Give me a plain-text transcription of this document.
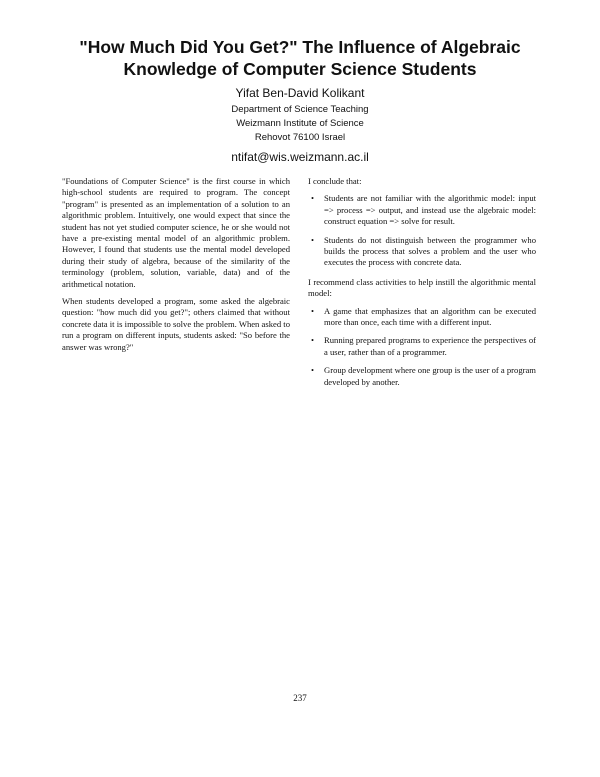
"How Much Did You Get?" The Influence of Algebraic Knowledge of Computer Science Students

Yifat Ben-David Kolikant

Department of Science Teaching

Weizmann Institute of Science

Rehovot 76100 Israel

ntifat@wis.weizmann.ac.il

"Foundations of Computer Science" is the first course in which high-school students are required to program. The concept "program" is presented as an implementation of a solution to an algorithmic problem. Intuitively, one would expect that since the student has not yet studied computer science, he or she would not have a pre-existing mental model of an algorithmic problem. However, I found that students use the mental model developed during their study of algebra, because of the similarity of the terminology (problem, solution, variable, data) and of the arithmetical notation.

When students developed a program, some asked the algebraic question: "how much did you get?"; others claimed that without concrete data it is impossible to solve the problem. When asked to run a program on different inputs, students asked: "So before the answer was wrong?"

I conclude that:

• Students are not familiar with the algorithmic model: input => process => output, and instead use the algebraic model: construct equation => solve for result.
• Students do not distinguish between the programmer who builds the process that solves a problem and the user who executes the process with concrete data.

I recommend class activities to help instill the algorithmic mental model:

• A game that emphasizes that an algorithm can be executed more than once, each time with a different input.
• Running prepared programs to experience the perspectives of a user, rather than of a programmer.
• Group development where one group is the user of a program developed by another.
237
